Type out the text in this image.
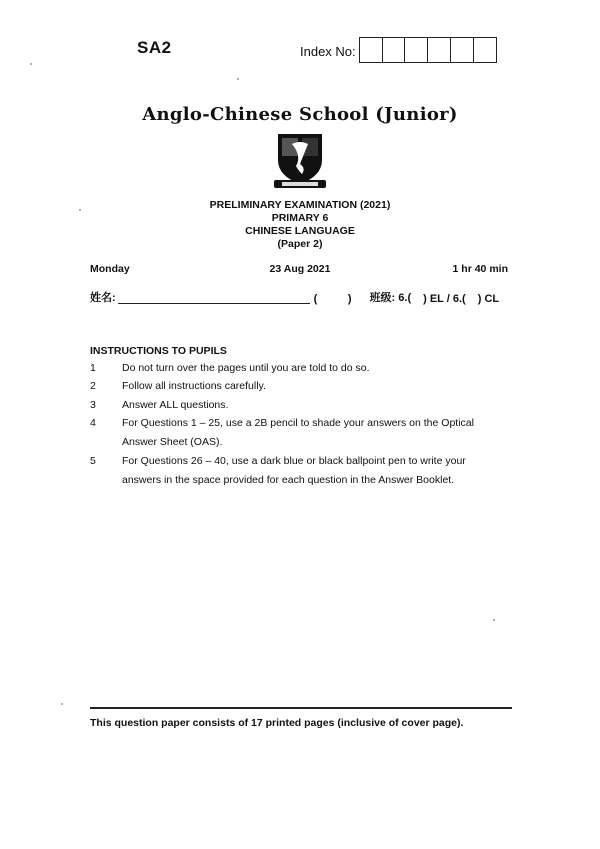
SA2	Index No:
Anglo-Chinese School (Junior)
PRELIMINARY EXAMINATION (2021)
PRIMARY 6
CHINESE LANGUAGE
(Paper 2)
Monday	23 Aug 2021	1 hr 40 min
姓名:	(          ) 班级: 6.( ) EL / 6.( ) CL
INSTRUCTIONS TO PUPILS
1 Do not turn over the pages until you are told to do so.
2 Follow all instructions carefully.
3 Answer ALL questions.
4 For Questions 1 – 25, use a 2B pencil to shade your answers on the Optical Answer Sheet (OAS).
5 For Questions 26 – 40, use a dark blue or black ballpoint pen to write your answers in the space provided for each question in the Answer Booklet.
This question paper consists of 17 printed pages (inclusive of cover page).
